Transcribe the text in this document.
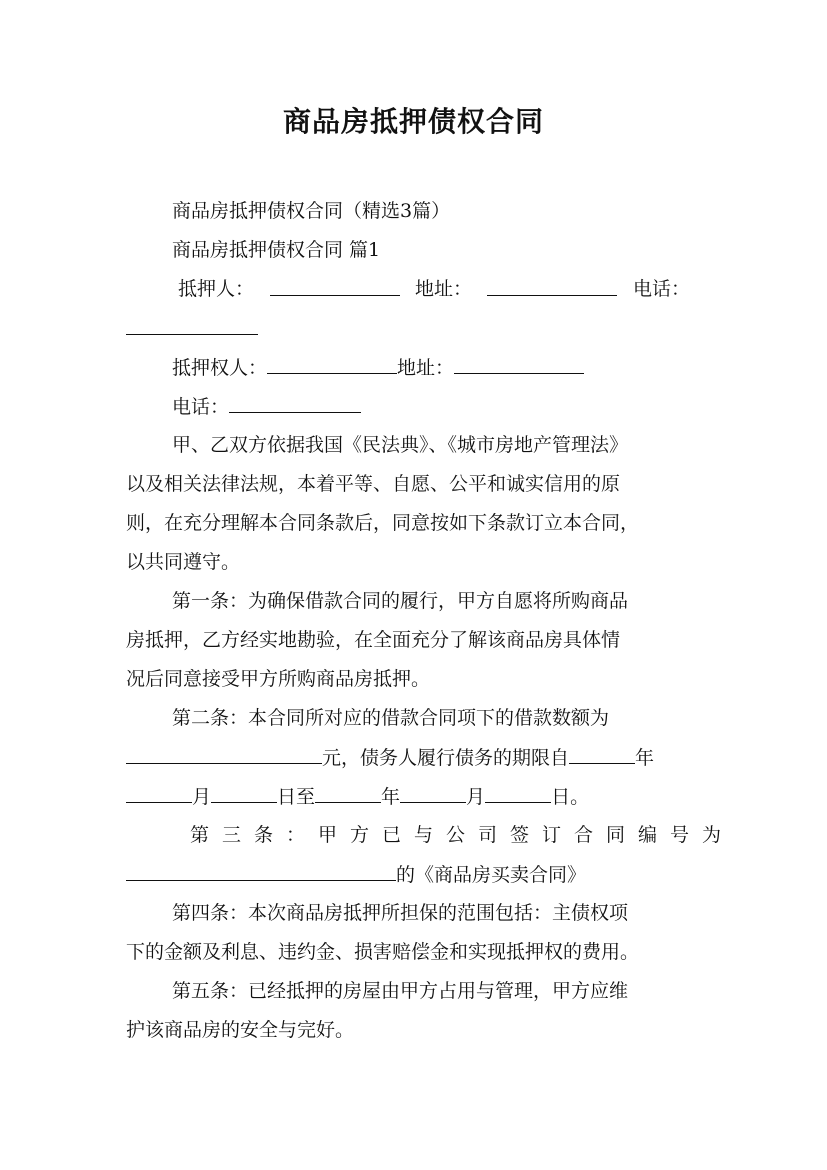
商品房抵押债权合同
商品房抵押债权合同（精选3篇）
商品房抵押债权合同 篇1
抵押人：	地址：	电话：
抵押权人：	地址：
电话：
甲、乙双方依据我国《民法典》、《城市房地产管理法》
以及相关法律法规，本着平等、自愿、公平和诚实信用的原
则，在充分理解本合同条款后，同意按如下条款订立本合同，
以共同遵守。
第一条：为确保借款合同的履行，甲方自愿将所购商品
房抵押，乙方经实地勘验，在全面充分了解该商品房具体情
况后同意接受甲方所购商品房抵押。
第二条：本合同所对应的借款合同项下的借款数额为
元，债务人履行债务的期限自	年
月	日至	年	月	日。
第三条：甲方已与公司签订合同编号为
的《商品房买卖合同》
第四条：本次商品房抵押所担保的范围包括：主债权项
下的金额及利息、违约金、损害赔偿金和实现抵押权的费用。
第五条：已经抵押的房屋由甲方占用与管理，甲方应维
护该商品房的安全与完好。
